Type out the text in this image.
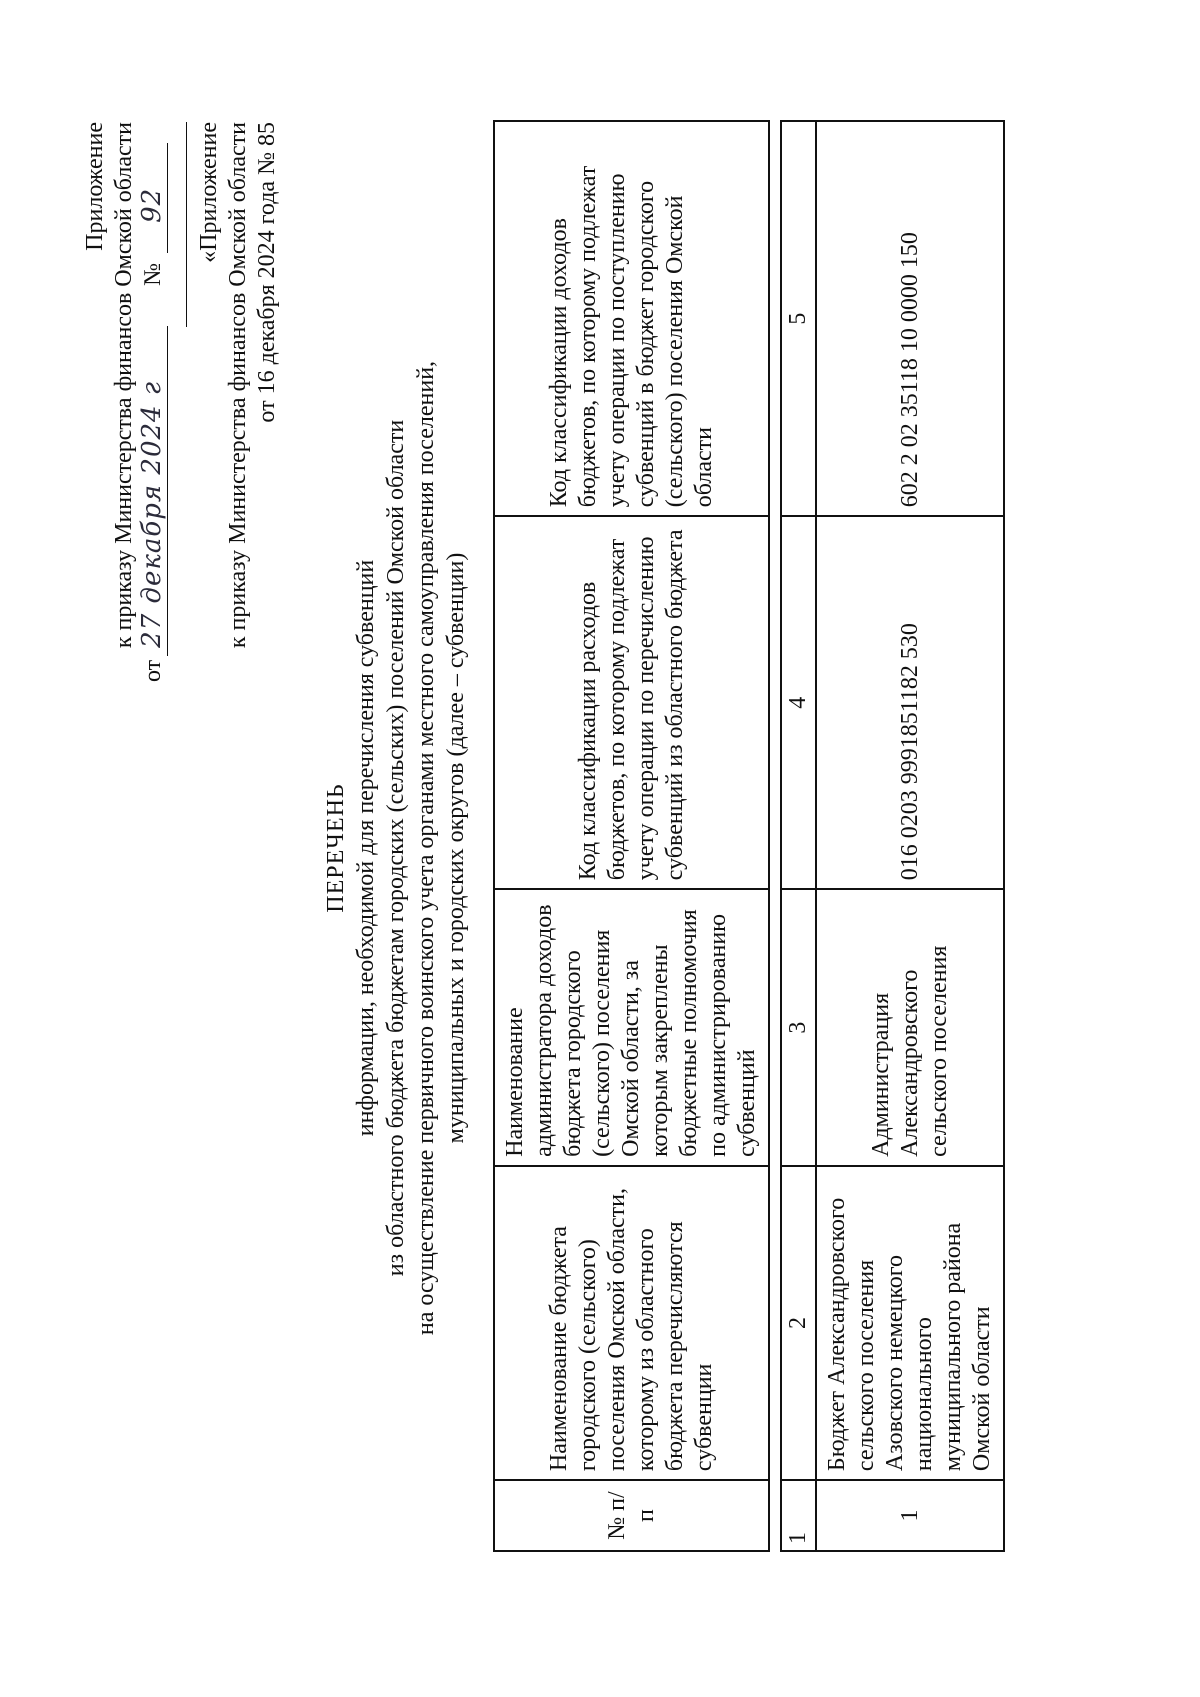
Приложение к приказу Министерства финансов Омской области
от
27 декабря 2024 г
№
92 «Приложение к приказу Министерства финансов Омской области от 16 декабря 2024 года № 85
ПЕРЕЧЕНЬ информации, необходимой для перечисления субвенций из областного бюджета бюджетам городских (сельских) поселений Омской области на осуществление первичного воинского учета органами местного самоуправления поселений, муниципальных и городских округов (далее – субвенции)
№ п/п	Наименование бюджета городского (сельского) поселения Омской области, которому из областного бюджета перечисляются субвенции	Наименование администратора доходов бюджета городского (сельского) поселения Омской области, за которым закреплены бюджетные полномочия по администрированию субвенций	Код классификации расходов бюджетов, по которому подлежат учету операции по перечислению субвенций из областного бюджета	Код классификации доходов бюджетов, по которому подлежат учету операции по поступлению субвенций в бюджет городского (сельского) поселения Омской области

1	2	3	4	5
1	Бюджет Александровского сельского поселения Азовского немецкого национального муниципального района Омской области	Администрация Александровского сельского поселения	016 0203 9991851182 530	602 2 02 35118 10 0000 150
